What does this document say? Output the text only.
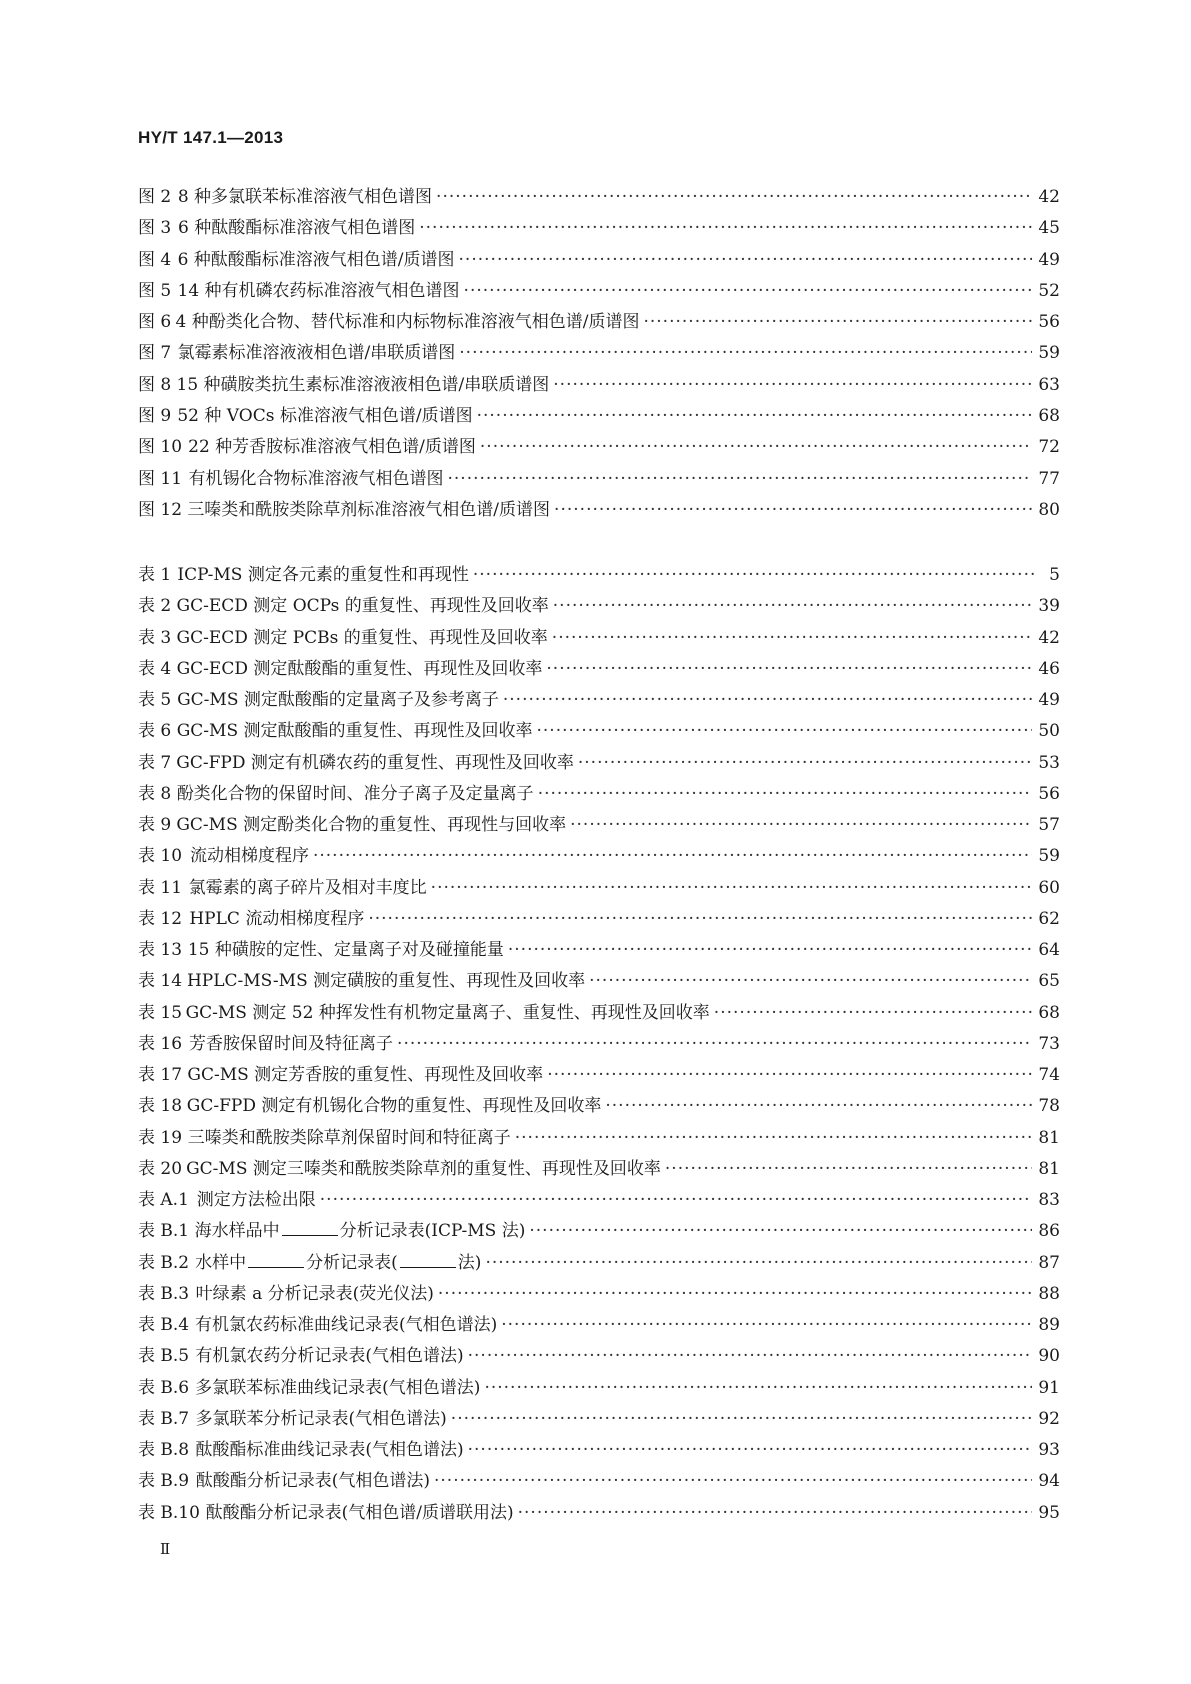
HY/T 147.1—2013
图 2 8 种多氯联苯标准溶液气相色谱图 ·····	42
图 3 6 种酞酸酯标准溶液气相色谱图 ·····	45
图 4 6 种酞酸酯标准溶液气相色谱/质谱图 ·····	49
图 5 14 种有机磷农药标准溶液气相色谱图 ·····	52
图 6 4 种酚类化合物、替代标准和内标物标准溶液气相色谱/质谱图 ·····	56
图 7 氯霉素标准溶液液相色谱/串联质谱图 ·····	59
图 8 15 种磺胺类抗生素标准溶液液相色谱/串联质谱图 ·····	63
图 9 52 种 VOCs 标准溶液气相色谱/质谱图 ·····	68
图 10 22 种芳香胺标准溶液气相色谱/质谱图 ·····	72
图 11 有机锡化合物标准溶液气相色谱图 ·····	77
图 12 三嗪类和酰胺类除草剂标准溶液气相色谱/质谱图 ·····	80
表 1 ICP-MS 测定各元素的重复性和再现性 ·····	5
表 2 GC-ECD 测定 OCPs 的重复性、再现性及回收率 ·····	39
表 3 GC-ECD 测定 PCBs 的重复性、再现性及回收率 ·····	42
表 4 GC-ECD 测定酞酸酯的重复性、再现性及回收率 ·····	46
表 5 GC-MS 测定酞酸酯的定量离子及参考离子 ·····	49
表 6 GC-MS 测定酞酸酯的重复性、再现性及回收率 ·····	50
表 7 GC-FPD 测定有机磷农药的重复性、再现性及回收率 ·····	53
表 8 酚类化合物的保留时间、准分子离子及定量离子 ·····	56
表 9 GC-MS 测定酚类化合物的重复性、再现性与回收率 ·····	57
表 10 流动相梯度程序 ·····	59
表 11 氯霉素的离子碎片及相对丰度比 ·····	60
表 12 HPLC 流动相梯度程序 ·····	62
表 13 15 种磺胺的定性、定量离子对及碰撞能量 ·····	64
表 14 HPLC-MS-MS 测定磺胺的重复性、再现性及回收率 ·····	65
表 15 GC-MS 测定 52 种挥发性有机物定量离子、重复性、再现性及回收率 ·····	68
表 16 芳香胺保留时间及特征离子 ·····	73
表 17 GC-MS 测定芳香胺的重复性、再现性及回收率 ·····	74
表 18 GC-FPD 测定有机锡化合物的重复性、再现性及回收率 ·····	78
表 19 三嗪类和酰胺类除草剂保留时间和特征离子 ·····	81
表 20 GC-MS 测定三嗪类和酰胺类除草剂的重复性、再现性及回收率 ·····	81
表 A.1 测定方法检出限 ·····	83
表 B.1 海水样品中	分析记录表(ICP-MS 法) ·····	86
表 B.2 水样中	分析记录表(	法) ·····	87
表 B.3 叶绿素 a 分析记录表(荧光仪法) ·····	88
表 B.4 有机氯农药标准曲线记录表(气相色谱法) ·····	89
表 B.5 有机氯农药分析记录表(气相色谱法) ·····	90
表 B.6 多氯联苯标准曲线记录表(气相色谱法) ·····	91
表 B.7 多氯联苯分析记录表(气相色谱法) ·····	92
表 B.8 酞酸酯标准曲线记录表(气相色谱法) ·····	93
表 B.9 酞酸酯分析记录表(气相色谱法) ·····	94
表 B.10 酞酸酯分析记录表(气相色谱/质谱联用法) ·····	95
Ⅱ
